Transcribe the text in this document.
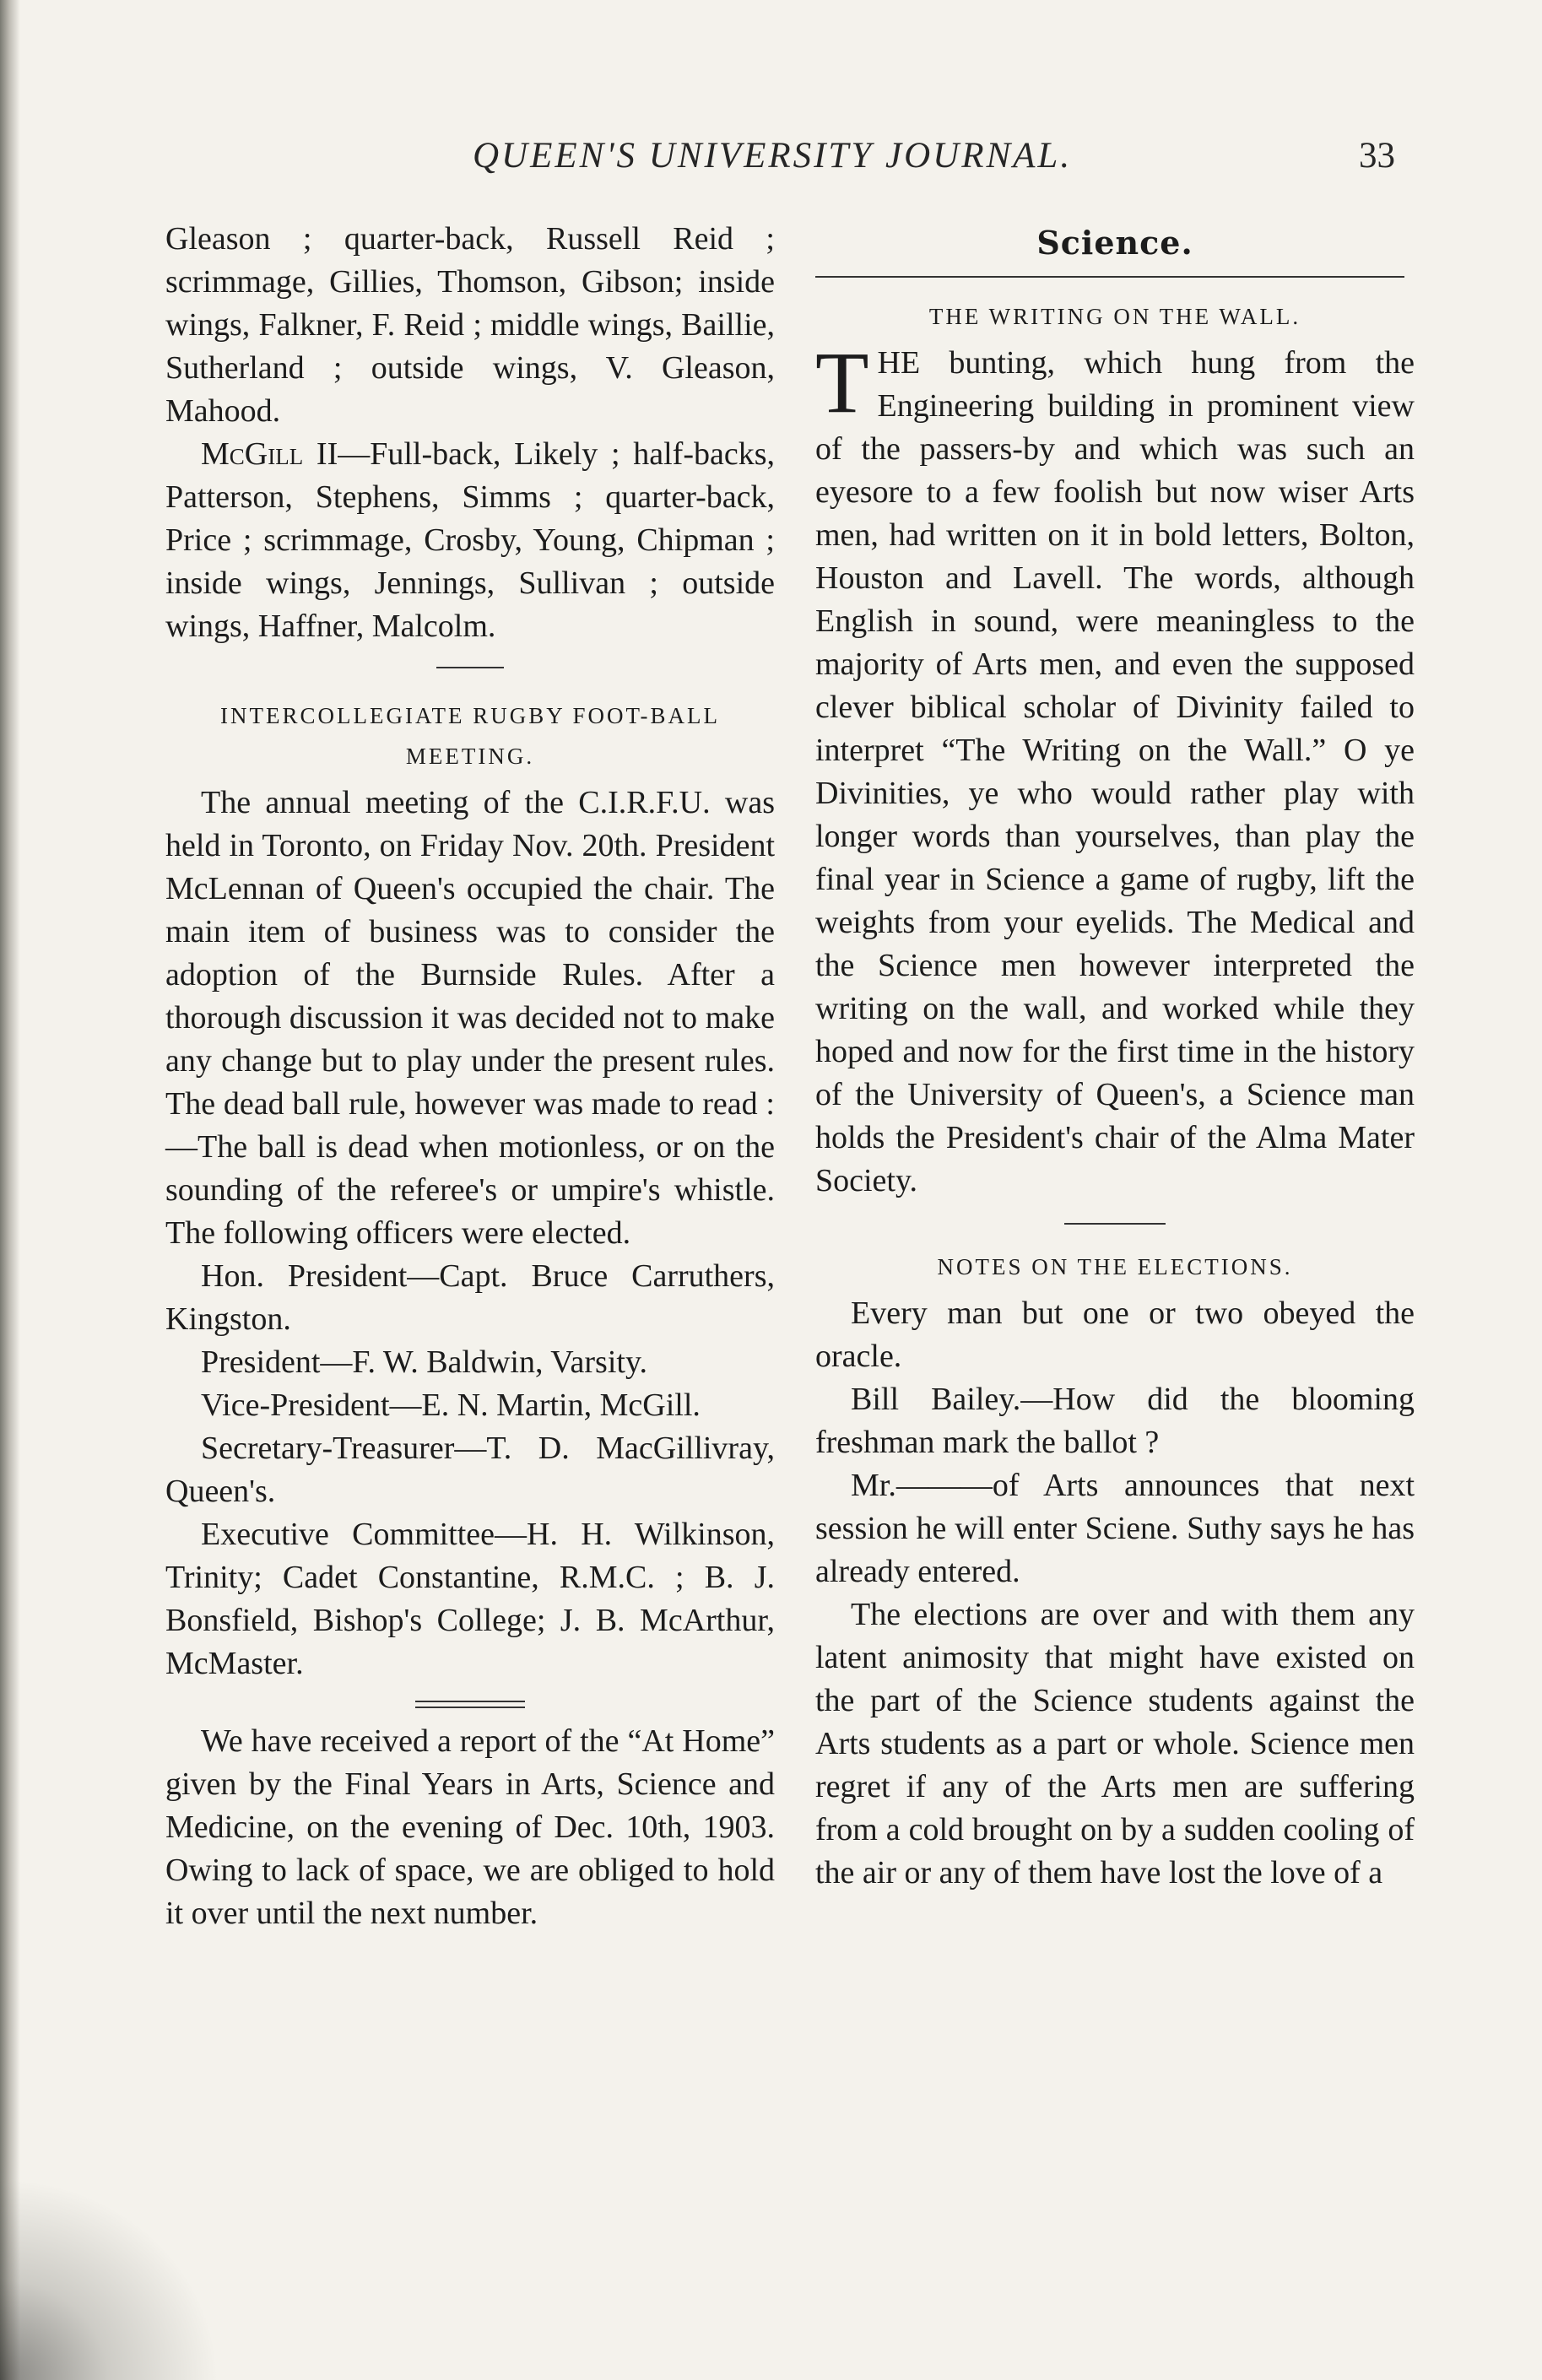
QUEEN'S UNIVERSITY JOURNAL.	33

Gleason ; quarter-back, Russell Reid ; scrimmage, Gillies, Thomson, Gibson; inside wings, Falkner, F. Reid ; middle wings, Baillie, Sutherland ; outside wings, V. Gleason, Mahood.

McGill II—Full-back, Likely ; half-backs, Patterson, Stephens, Simms ; quarter-back, Price ; scrimmage, Crosby, Young, Chipman ; inside wings, Jennings, Sullivan ; outside wings, Haffner, Malcolm.

INTERCOLLEGIATE RUGBY FOOT-BALL MEETING.

The annual meeting of the C.I.R.F.U. was held in Toronto, on Friday Nov. 20th. President McLennan of Queen's occupied the chair. The main item of business was to consider the adoption of the Burnside Rules. After a thorough discussion it was decided not to make any change but to play under the present rules. The dead ball rule, however was made to read :—The ball is dead when motionless, or on the sounding of the referee's or umpire's whistle. The following officers were elected.

Hon. President—Capt. Bruce Carruthers, Kingston.

President—F. W. Baldwin, Varsity.

Vice-President—E. N. Martin, McGill.

Secretary-Treasurer—T. D. MacGillivray, Queen's.

Executive Committee—H. H. Wilkinson, Trinity; Cadet Constantine, R.M.C. ; B. J. Bonsfield, Bishop's College; J. B. McArthur, McMaster.

We have received a report of the “At Home” given by the Final Years in Arts, Science and Medicine, on the evening of Dec. 10th, 1903. Owing to lack of space, we are obliged to hold it over until the next number.

Science.
THE WRITING ON THE WALL.

THE bunting, which hung from the Engineering building in prominent view of the passers-by and which was such an eyesore to a few foolish but now wiser Arts men, had written on it in bold letters, Bolton, Houston and Lavell. The words, although English in sound, were meaningless to the majority of Arts men, and even the supposed clever biblical scholar of Divinity failed to interpret “The Writing on the Wall.” O ye Divinities, ye who would rather play with longer words than yourselves, than play the final year in Science a game of rugby, lift the weights from your eyelids. The Medical and the Science men however interpreted the writing on the wall, and worked while they hoped and now for the first time in the history of the University of Queen's, a Science man holds the President's chair of the Alma Mater Society.

NOTES ON THE ELECTIONS.

Every man but one or two obeyed the oracle.

Bill Bailey.—How did the blooming freshman mark the ballot ?

Mr.———of Arts announces that next session he will enter Sciene. Suthy says he has already entered.

The elections are over and with them any latent animosity that might have existed on the part of the Science students against the Arts students as a part or whole. Science men regret if any of the Arts men are suffering from a cold brought on by a sudden cooling of the air or any of them have lost the love of a
